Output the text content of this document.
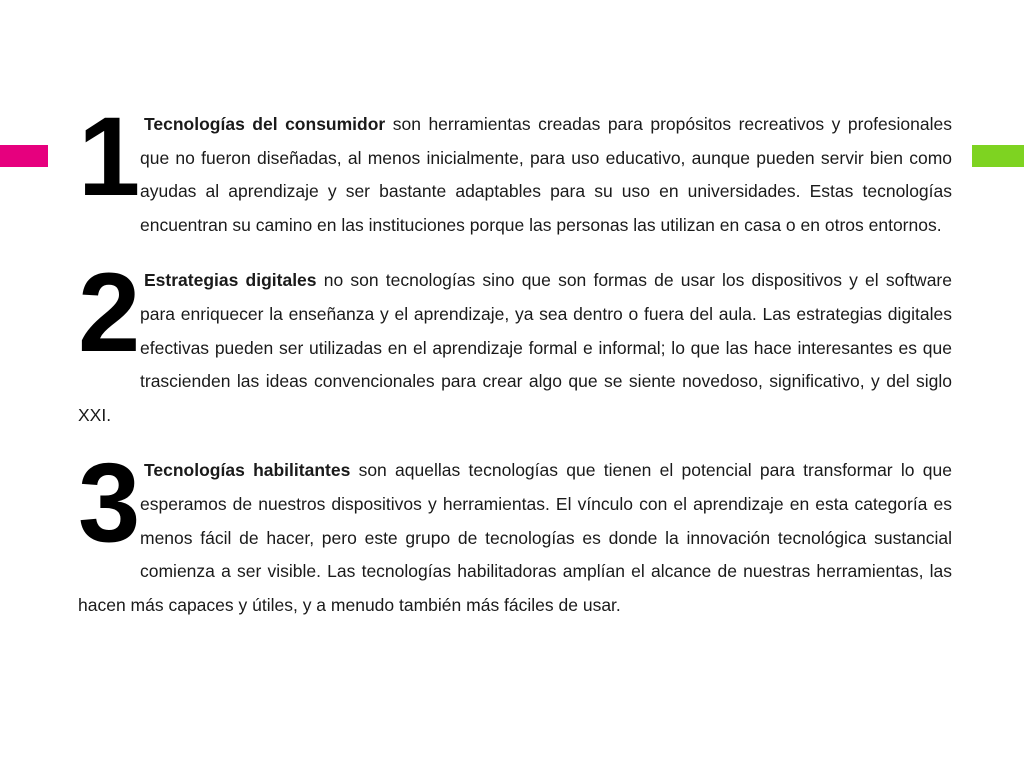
1 Tecnologías del consumidor son herramientas creadas para propósitos recreativos y profesionales que no fueron diseñadas, al menos inicialmente, para uso educativo, aunque pueden servir bien como ayudas al aprendizaje y ser bastante adaptables para su uso en universidades. Estas tecnologías encuentran su camino en las instituciones porque las personas las utilizan en casa o en otros entornos.

2 Estrategias digitales no son tecnologías sino que son formas de usar los dispositivos y el software para enriquecer la enseñanza y el aprendizaje, ya sea dentro o fuera del aula. Las estrategias digitales efectivas pueden ser utilizadas en el aprendizaje formal e informal; lo que las hace interesantes es que trascienden las ideas convencionales para crear algo que se siente novedoso, significativo, y del siglo XXI.

3 Tecnologías habilitantes son aquellas tecnologías que tienen el potencial para transformar lo que esperamos de nuestros dispositivos y herramientas. El vínculo con el aprendizaje en esta categoría es menos fácil de hacer, pero este grupo de tecnologías es donde la innovación tecnológica sustancial comienza a ser visible. Las tecnologías habilitadoras amplían el alcance de nuestras herramientas, las hacen más capaces y útiles, y a menudo también más fáciles de usar.
